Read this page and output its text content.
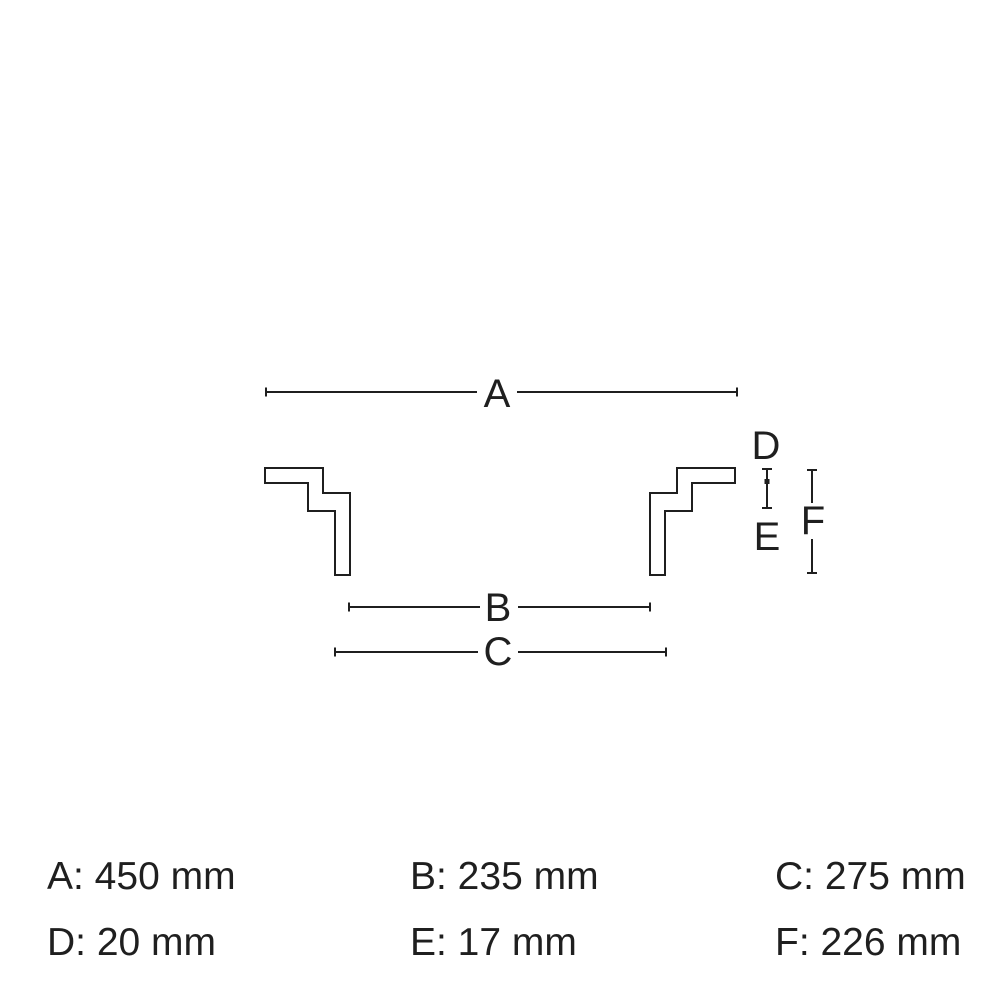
A
D
E F
B
C
A: 450 mm	B: 235 mm	C: 275 mm
D: 20 mm	E: 17 mm	F: 226 mm
